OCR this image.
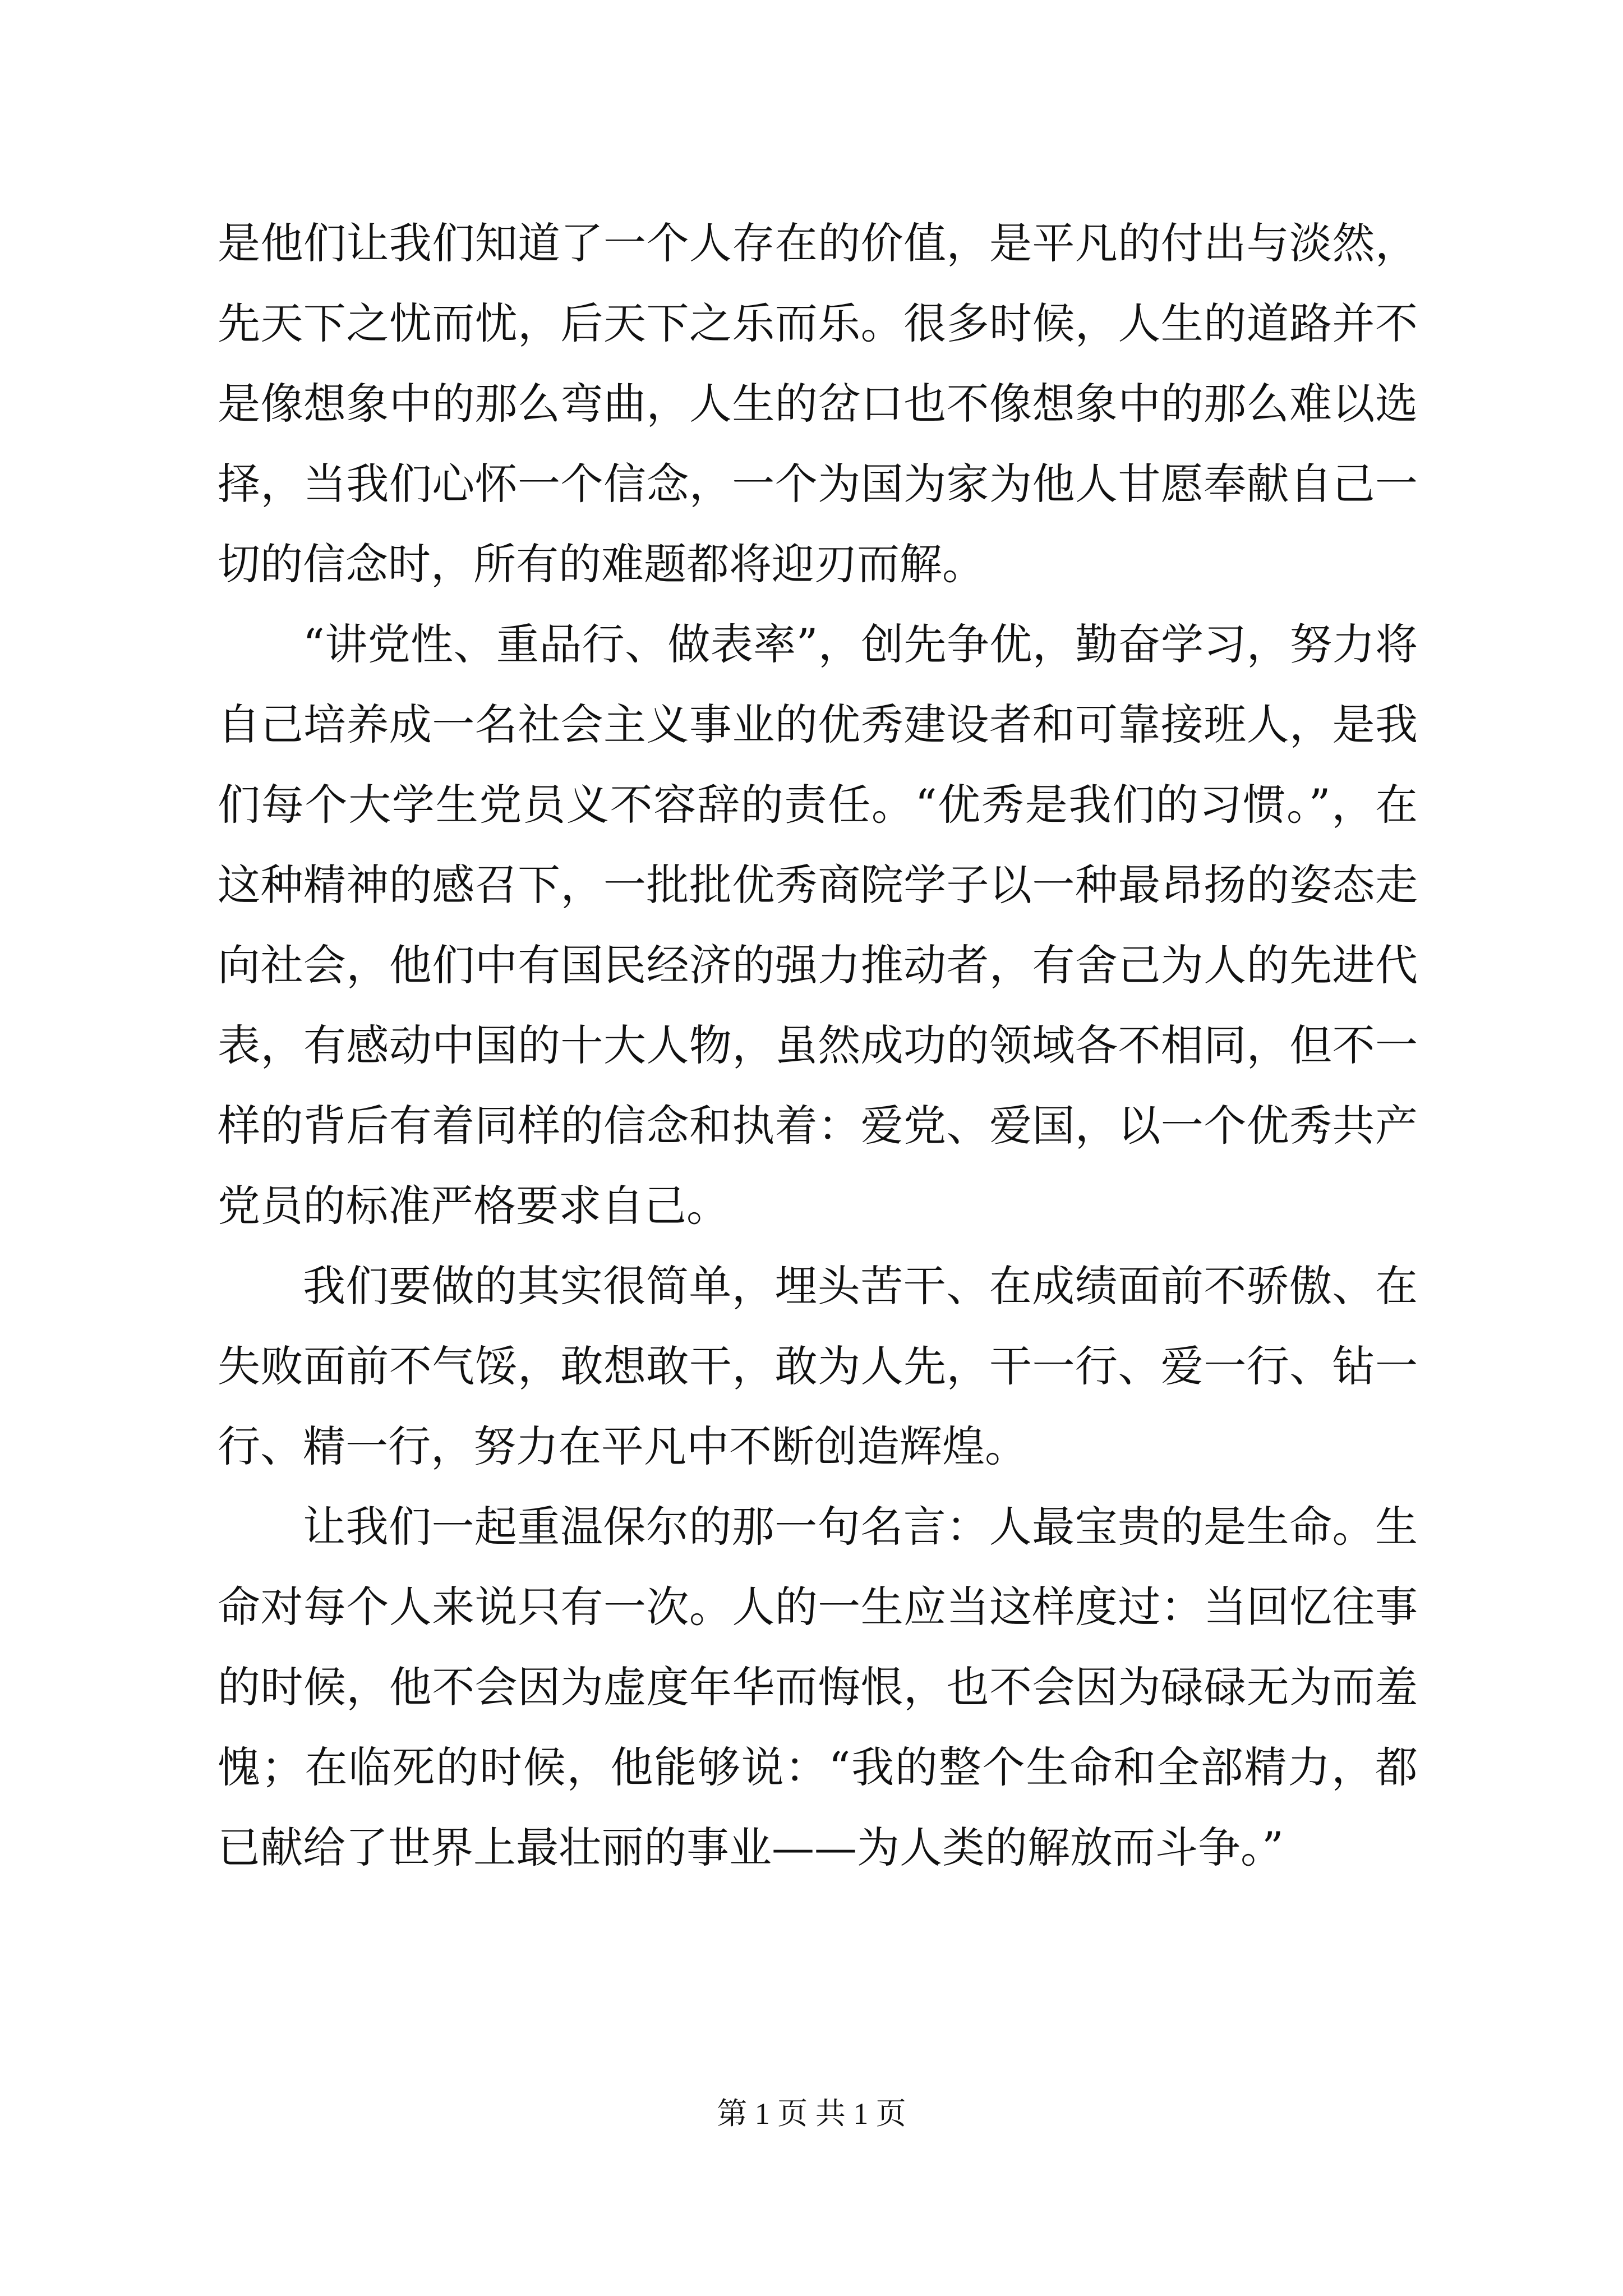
是他们让我们知道了一个人存在的价值，是平凡的付出与淡然，先天下之忧而忧，后天下之乐而乐。很多时候，人生的道路并不是像想象中的那么弯曲，人生的岔口也不像想象中的那么难以选择，当我们心怀一个信念，一个为国为家为他人甘愿奉献自己一切的信念时，所有的难题都将迎刃而解。

“讲党性、重品行、做表率”，创先争优，勤奋学习，努力将自己培养成一名社会主义事业的优秀建设者和可靠接班人，是我们每个大学生党员义不容辞的责任。“优秀是我们的习惯。”，在这种精神的感召下，一批批优秀商院学子以一种最昂扬的姿态走向社会，他们中有国民经济的强力推动者，有舍己为人的先进代表，有感动中国的十大人物，虽然成功的领域各不相同，但不一样的背后有着同样的信念和执着：爱党、爱国，以一个优秀共产党员的标准严格要求自己。

我们要做的其实很简单，埋头苦干、在成绩面前不骄傲、在失败面前不气馁，敢想敢干，敢为人先，干一行、爱一行、钻一行、精一行，努力在平凡中不断创造辉煌。

让我们一起重温保尔的那一句名言：人最宝贵的是生命。生命对每个人来说只有一次。人的一生应当这样度过：当回忆往事的时候，他不会因为虚度年华而悔恨，也不会因为碌碌无为而羞愧；在临死的时候，他能够说：“我的整个生命和全部精力，都已献给了世界上最壮丽的事业——为人类的解放而斗争。”

第 1 页 共 1 页
